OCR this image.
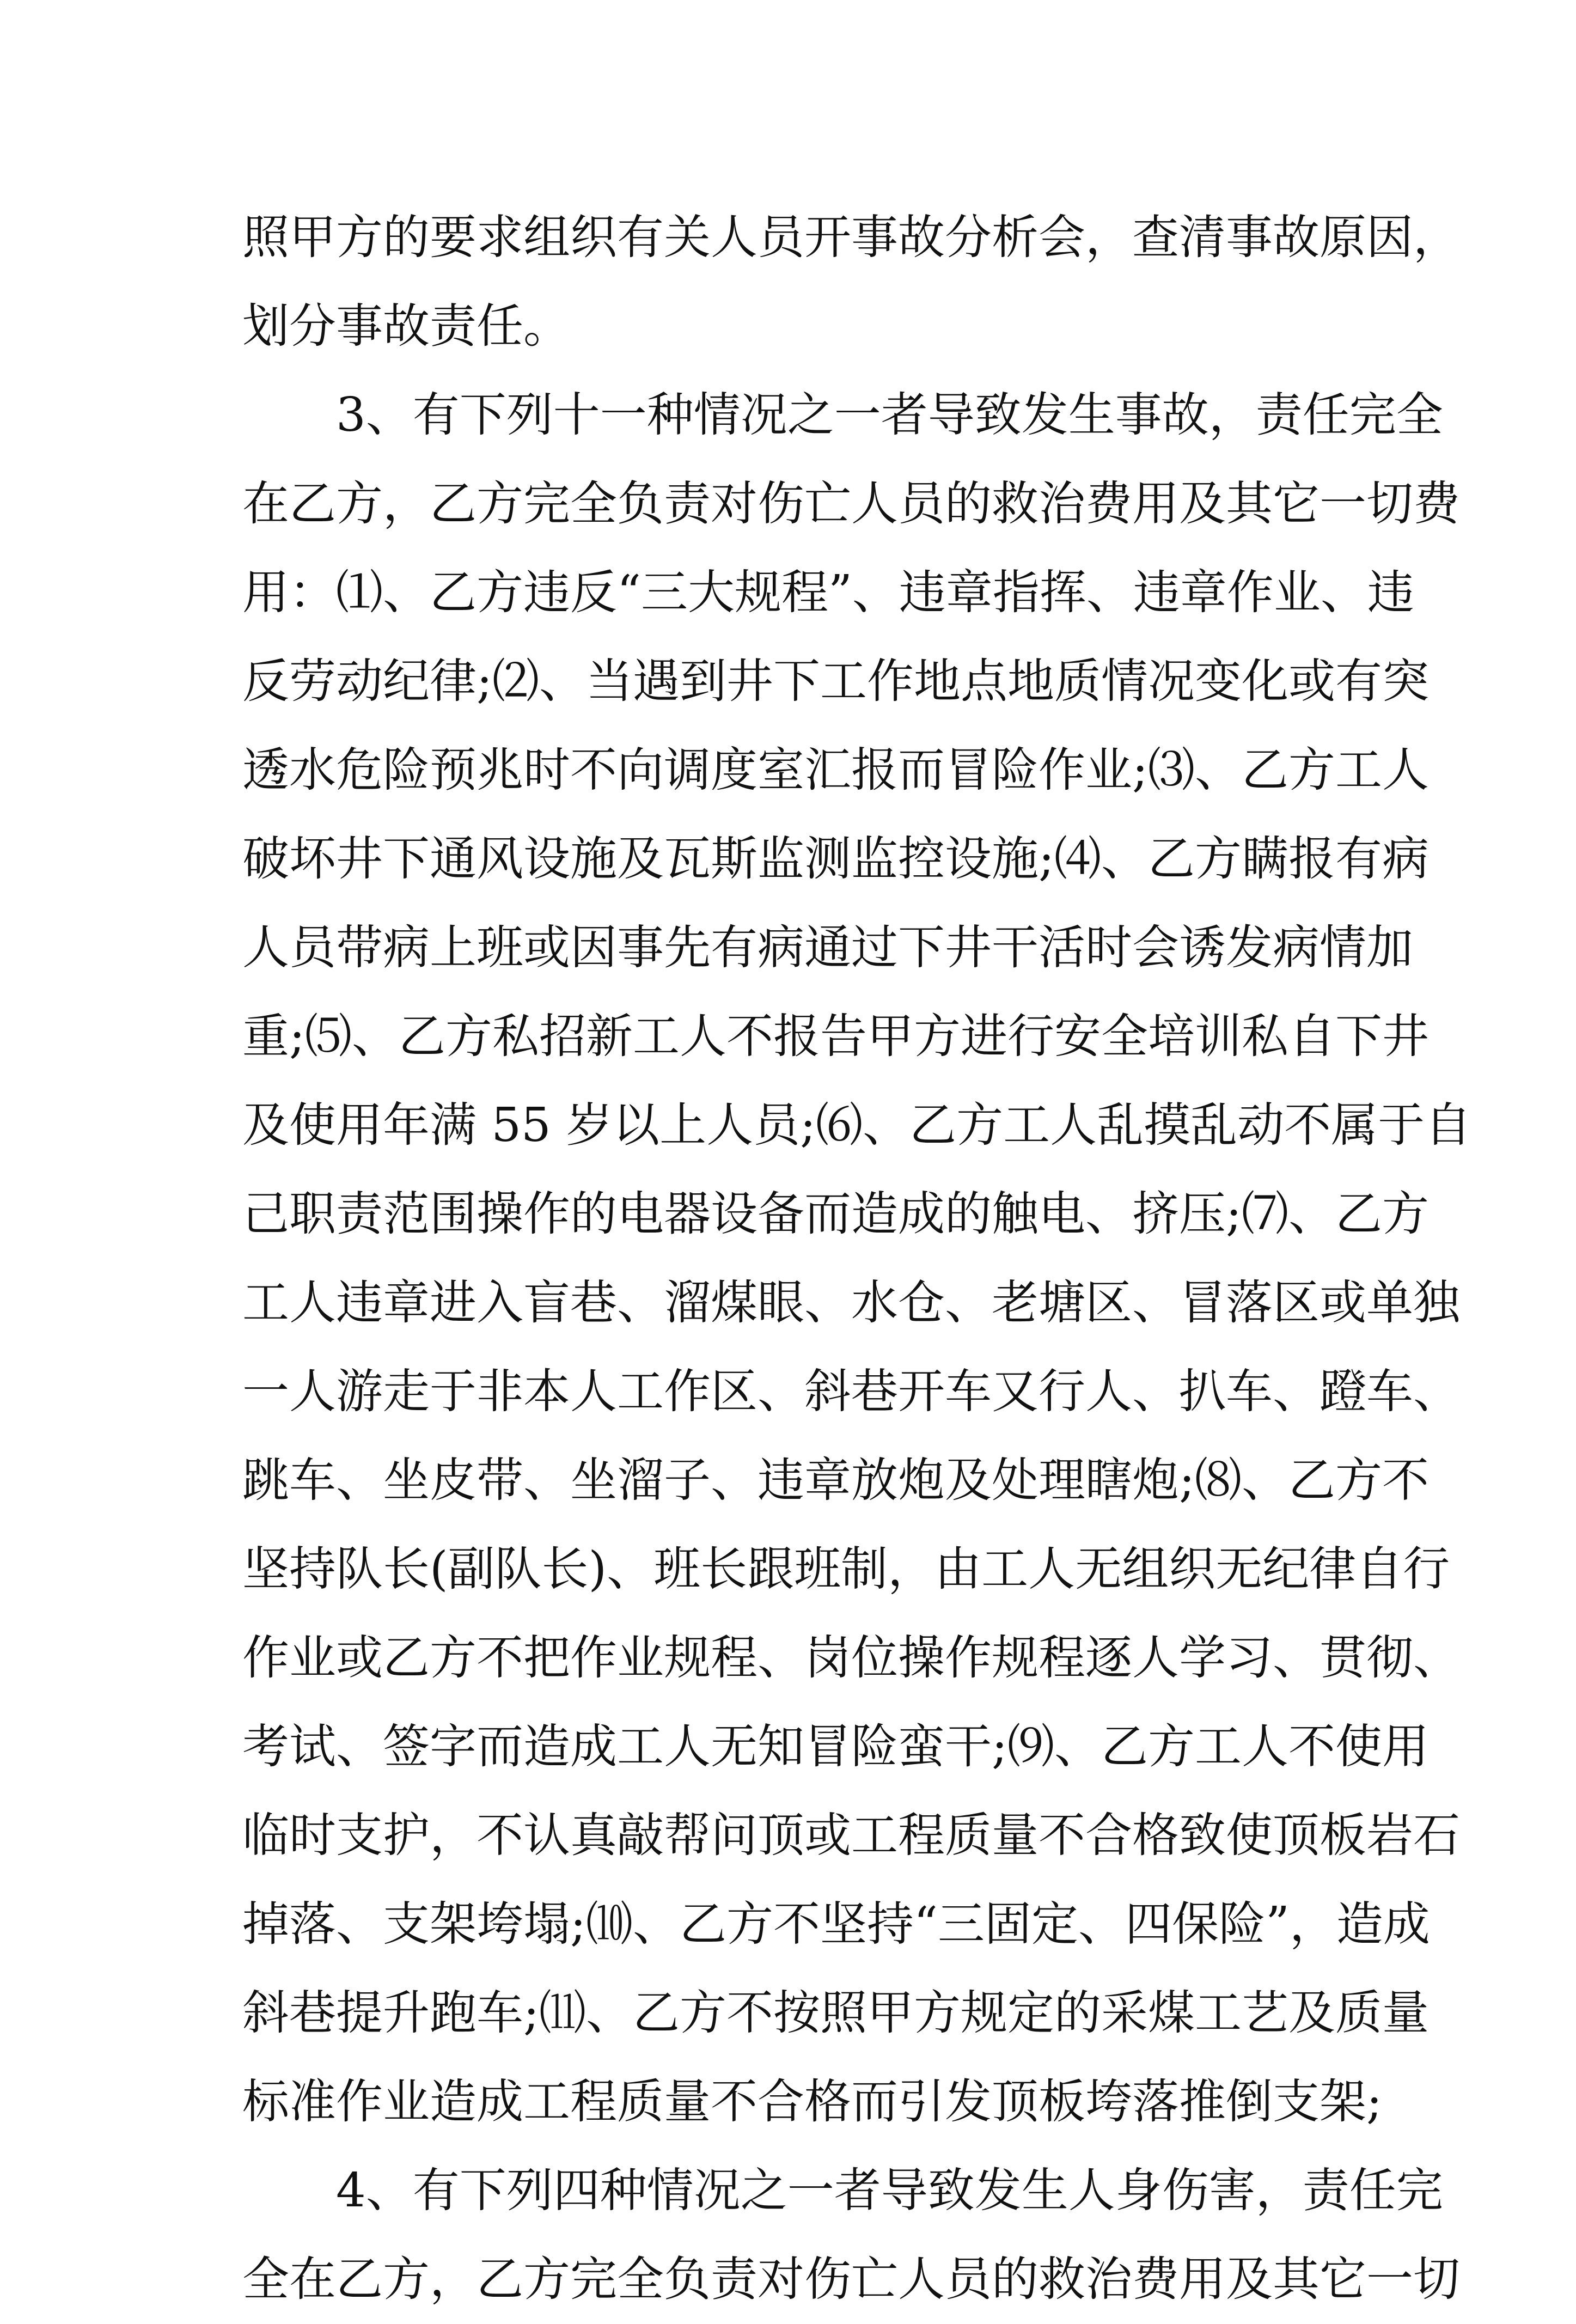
照甲方的要求组织有关人员开事故分析会，查清事故原因，
划分事故责任。
3、有下列十一种情况之一者导致发生事故，责任完全
在乙方，乙方完全负责对伤亡人员的救治费用及其它一切费
用：⑴、乙方违反“三大规程”、违章指挥、违章作业、违
反劳动纪律;⑵、当遇到井下工作地点地质情况变化或有突
透水危险预兆时不向调度室汇报而冒险作业;⑶、乙方工人
破坏井下通风设施及瓦斯监测监控设施;⑷、乙方瞒报有病
人员带病上班或因事先有病通过下井干活时会诱发病情加
重;⑸、乙方私招新工人不报告甲方进行安全培训私自下井
及使用年满 55 岁以上人员;⑹、乙方工人乱摸乱动不属于自
己职责范围操作的电器设备而造成的触电、挤压;⑺、乙方
工人违章进入盲巷、溜煤眼、水仓、老塘区、冒落区或单独
一人游走于非本人工作区、斜巷开车又行人、扒车、蹬车、
跳车、坐皮带、坐溜子、违章放炮及处理瞎炮;⑻、乙方不
坚持队长(副队长)、班长跟班制，由工人无组织无纪律自行
作业或乙方不把作业规程、岗位操作规程逐人学习、贯彻、
考试、签字而造成工人无知冒险蛮干;⑼、乙方工人不使用
临时支护，不认真敲帮问顶或工程质量不合格致使顶板岩石
掉落、支架垮塌;⑽、乙方不坚持“三固定、四保险”，造成
斜巷提升跑车;⑾、乙方不按照甲方规定的采煤工艺及质量
标准作业造成工程质量不合格而引发顶板垮落推倒支架;
4、有下列四种情况之一者导致发生人身伤害，责任完
全在乙方，乙方完全负责对伤亡人员的救治费用及其它一切
